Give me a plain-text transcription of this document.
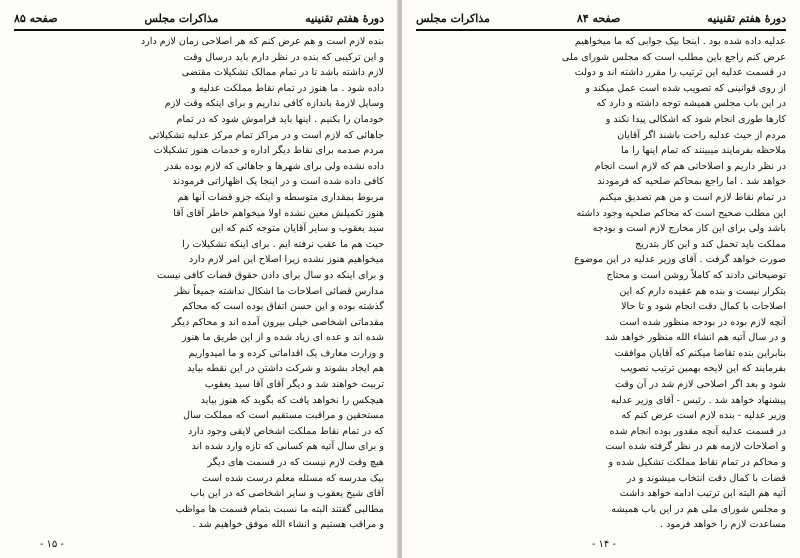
دورهٔ هفتم تقنینیه
مذاکرات مجلس
صفحه ۸۵
بنده لازم است و هم عرض کنم که هر اصلاحی زمان لازم دارد
و این ترکیبی که بنده در نظر دارم باید درسال وقت
لازم داشته باشد تا در تمام ممالک تشکیلات مقتضی
داده شود . ما هنوز در تمام نقاط مملکت عدلیه و
وسایل لازمهٔ باندازه کافی نداریم و برای اینکه وقت لازم
خودمان را بکنیم . اینها باید فراموش شود که در تمام
جاهائی که لازم است و در مراکز تمام مرکز عدلیه تشکیلاتی
مردم صدمه برای نقاط دیگر اداره و خدمات هنوز تشکیلات
داده نشده ولی برای شهرها و جاهائی که لازم بوده بقدر
کافی داده شده است و در اینجا یک اظهاراتی فرمودند
مربوط بمقداری متوسطه و اینکه جزو قضات آنها هم
هنوز تکمیلش معین نشده اولا میخواهم خاطر آقای آقا
سید یعقوب و سایر آقایان متوجه کنم که این
حیث هم ما عقب نرفته ایم . برای اینکه تشکیلات را
میخواهیم هنوز نشده زیرا اصلاح این امر لازم دارد
و برای اینکه دو سال برای دادن حقوق قضات کافی نیست
مدارس قضائی اصلاحات ما اشکال نداشته جمیعاً نظر
گذشته بوده و این حسن اتفاق بوده است که محاکم
مقدماتی اشخاصی خیلی بیرون آمده اند و محاکم دیگر
شده اند و عده ای زیاد شده و از این طریق ما هنوز
و وزارت معارف یک اقداماتی کرده و ما امیدواریم
هم ایجاد بشوند و شرکت داشتن در این نقطه بیاید
تربیت خواهند شد و دیگر آقای آقا سید یعقوب
هیچکس را نخواهد یافت که بگوید که هنوز بیاید
مستحقین و مراقبت مستقیم است که مملکت سال
که در تمام نقاط مملکت اشخاص لایقی وجود دارد
و برای سال آتیه هم کسانی که تازه وارد شده اند
هیچ وقت لازم نیست که در قسمت های دیگر
بیک مدرسه که مسئله معلم درست شده است
آقای شیخ یعقوب و سایر اشخاصی که در این باب
مطالبی گفتند البته ما نسبت بتمام قسمت ها مواظب
و مراقب هستیم و انشاء الله موفق خواهیم شد .
- ۱۵ -
دورهٔ هفتم تقنینیه
صفحه ۸۴
مذاکرات مجلس
عدلیه داده شده بود . اینجا بیک جوابی که ما میخواهیم
عرض کنم راجع باین مطلب است که مجلس شورای ملی
در قسمت عدلیه این ترتیب را مقرر داشته اند و دولت
از روی قوانینی که تصویب شده است عمل میکند و
در این باب مجلس همیشه توجه داشته و دارد که
کارها طوری انجام شود که اشکالی پیدا نکند و
مردم از حیث عدلیه راحت باشند اگر آقایان
ملاحظه بفرمایند میبینند که تمام اینها را ما
در نظر داریم و اصلاحاتی هم که لازم است انجام
خواهد شد . اما راجع بمحاکم صلحیه که فرمودند
در تمام نقاط لازم است و من هم تصدیق میکنم
این مطلب صحیح است که محاکم صلحیه وجود داشته
باشد ولی برای این کار مخارج لازم است و بودجه
مملکت باید تحمل کند و این کار بتدریج
صورت خواهد گرفت . آقای وزیر عدلیه در این موضوع
توضیحاتی دادند که کاملاً روشن است و محتاج
بتکرار نیست و بنده هم عقیده دارم که این
اصلاحات با کمال دقت انجام شود و تا حالا
آنچه لازم بوده در بودجه منظور شده است
و در سال آتیه هم انشاء الله منظور خواهد شد
بنابراین بنده تقاضا میکنم که آقایان موافقت
بفرمایند که این لایحه بهمین ترتیب تصویب
شود و بعد اگر اصلاحی لازم شد در آن وقت
پیشنهاد خواهد شد . رئیس - آقای وزیر عدلیه
وزیر عدلیه - بنده لازم است عرض کنم که
در قسمت عدلیه آنچه مقدور بوده انجام شده
و اصلاحات لازمه هم در نظر گرفته شده است
و محاکم در تمام نقاط مملکت تشکیل شده و
قضات با کمال دقت انتخاب میشوند و در
آتیه هم البته این ترتیب ادامه خواهد داشت
و مجلس شورای ملی هم در این باب همیشه
مساعدت لازم را خواهد فرمود .
- ۱۴ -
